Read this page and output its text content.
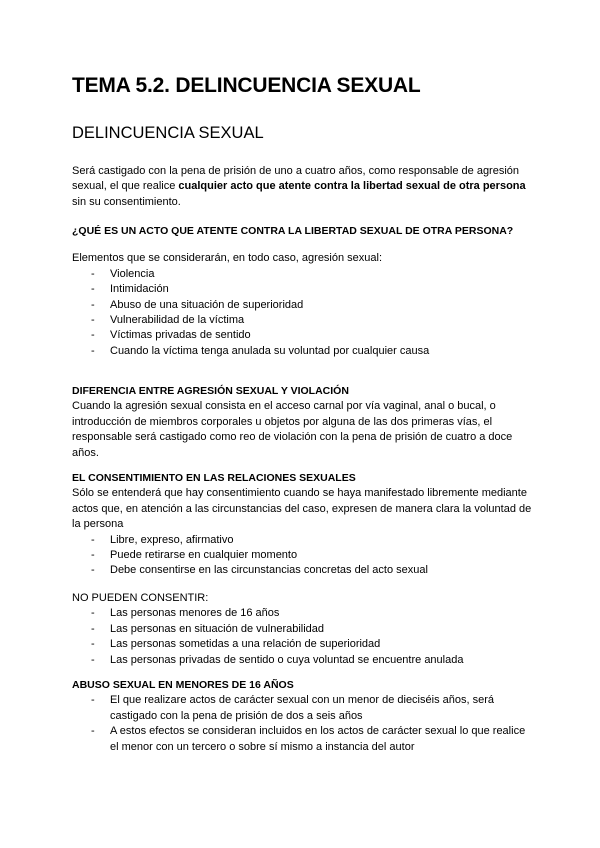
TEMA 5.2. DELINCUENCIA SEXUAL
DELINCUENCIA SEXUAL

Será castigado con la pena de prisión de uno a cuatro años, como responsable de agresión sexual, el que realice cualquier acto que atente contra la libertad sexual de otra persona sin su consentimiento.

¿QUÉ ES UN ACTO QUE ATENTE CONTRA LA LIBERTAD SEXUAL DE OTRA PERSONA?

Elementos que se considerarán, en todo caso, agresión sexual:

- Violencia
- Intimidación
- Abuso de una situación de superioridad
- Vulnerabilidad de la víctima
- Víctimas privadas de sentido
- Cuando la víctima tenga anulada su voluntad por cualquier causa

DIFERENCIA ENTRE AGRESIÓN SEXUAL Y VIOLACIÓN

Cuando la agresión sexual consista en el acceso carnal por vía vaginal, anal o bucal, o introducción de miembros corporales u objetos por alguna de las dos primeras vías, el responsable será castigado como reo de violación con la pena de prisión de cuatro a doce años.

EL CONSENTIMIENTO EN LAS RELACIONES SEXUALES

Sólo se entenderá que hay consentimiento cuando se haya manifestado libremente mediante actos que, en atención a las circunstancias del caso, expresen de manera clara la voluntad de la persona

- Libre, expreso, afirmativo
- Puede retirarse en cualquier momento
- Debe consentirse en las circunstancias concretas del acto sexual

NO PUEDEN CONSENTIR:

- Las personas menores de 16 años
- Las personas en situación de vulnerabilidad
- Las personas sometidas a una relación de superioridad
- Las personas privadas de sentido o cuya voluntad se encuentre anulada

ABUSO SEXUAL EN MENORES DE 16 AÑOS

- El que realizare actos de carácter sexual con un menor de dieciséis años, será castigado con la pena de prisión de dos a seis años
- A estos efectos se consideran incluidos en los actos de carácter sexual lo que realice el menor con un tercero o sobre sí mismo a instancia del autor
